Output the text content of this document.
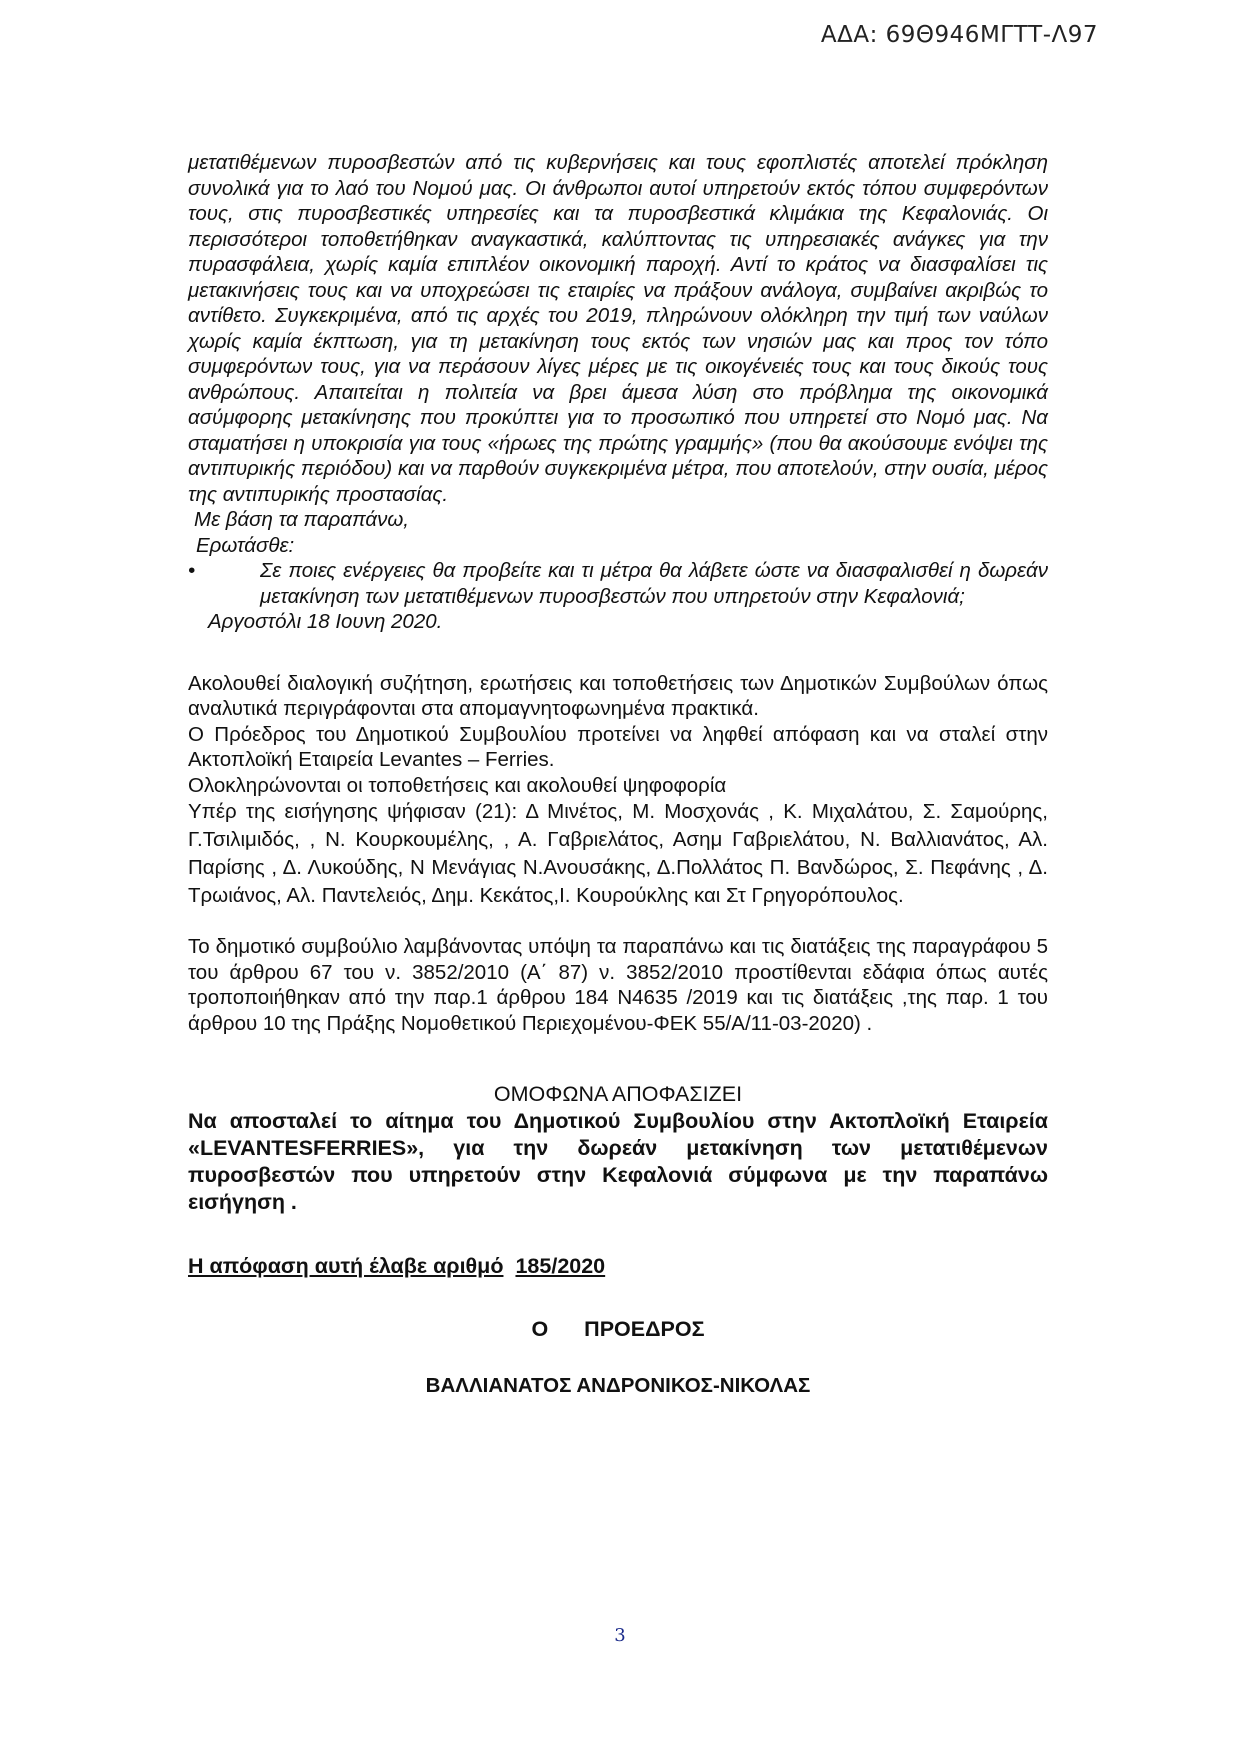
ΑΔΑ: 69Θ946ΜΓΤΤ-Λ97

μετατιθέμενων πυροσβεστών από τις κυβερνήσεις και τους εφοπλιστές αποτελεί πρόκληση συνολικά για το λαό του Νομού μας. Οι άνθρωποι αυτοί υπηρετούν εκτός τόπου συμφερόντων τους, στις πυροσβεστικές υπηρεσίες και τα πυροσβεστικά κλιμάκια της Κεφαλονιάς. Οι περισσότεροι τοποθετήθηκαν αναγκαστικά, καλύπτοντας τις υπηρεσιακές ανάγκες για την πυρασφάλεια, χωρίς καμία επιπλέον οικονομική παροχή. Αντί το κράτος να διασφαλίσει τις μετακινήσεις τους και να υποχρεώσει τις εταιρίες να πράξουν ανάλογα, συμβαίνει ακριβώς το αντίθετο. Συγκεκριμένα, από τις αρχές του 2019, πληρώνουν ολόκληρη την τιμή των ναύλων χωρίς καμία έκπτωση, για τη μετακίνηση τους εκτός των νησιών μας και προς τον τόπο συμφερόντων τους, για να περάσουν λίγες μέρες με τις οικογένειές τους και τους δικούς τους ανθρώπους. Απαιτείται η πολιτεία να βρει άμεσα λύση στο πρόβλημα της οικονομικά ασύμφορης μετακίνησης που προκύπτει για το προσωπικό που υπηρετεί στο Νομό μας. Να σταματήσει η υποκρισία για τους «ήρωες της πρώτης γραμμής» (που θα ακούσουμε ενόψει της αντιπυρικής περιόδου) και να παρθούν συγκεκριμένα μέτρα, που αποτελούν, στην ουσία, μέρος της αντιπυρικής προστασίας.

Με βάση τα παραπάνω,

Ερωτάσθε:

•	Σε ποιες ενέργειες θα προβείτε και τι μέτρα θα λάβετε ώστε να διασφαλισθεί η δωρεάν μετακίνηση των μετατιθέμενων πυροσβεστών που υπηρετούν στην Κεφαλονιά;

Αργοστόλι 18 Ιουνη 2020.

Ακολουθεί διαλογική συζήτηση, ερωτήσεις και τοποθετήσεις των Δημοτικών Συμβούλων όπως αναλυτικά περιγράφονται στα απομαγνητοφωνημένα πρακτικά.

Ο Πρόεδρος του Δημοτικού Συμβουλίου προτείνει να ληφθεί απόφαση και να σταλεί στην Ακτοπλοϊκή Εταιρεία Levantes – Ferries.

Ολοκληρώνονται οι τοποθετήσεις και ακολουθεί ψηφοφορία

Υπέρ της εισήγησης ψήφισαν (21): Δ Μινέτος, Μ. Μοσχονάς , Κ. Μιχαλάτου, Σ. Σαμούρης, Γ.Τσιλιμιδός, , Ν. Κουρκουμέλης, , Α. Γαβριελάτος, Ασημ Γαβριελάτου, Ν. Βαλλιανάτος, Αλ. Παρίσης , Δ. Λυκούδης, Ν Μενάγιας Ν.Ανουσάκης, Δ.Πολλάτος Π. Βανδώρος, Σ. Πεφάνης , Δ. Τρωιάνος, Αλ. Παντελειός, Δημ. Κεκάτος,Ι. Κουρούκλης και Στ Γρηγορόπουλος.

Το δημοτικό συμβούλιο λαμβάνοντας υπόψη τα παραπάνω και τις διατάξεις της παραγράφου 5 του άρθρου 67 του ν. 3852/2010 (Α΄ 87) ν. 3852/2010 προστίθενται εδάφια όπως αυτές τροποποιήθηκαν από την παρ.1 άρθρου 184 Ν4635 /2019 και τις διατάξεις ,της παρ. 1 του άρθρου 10 της Πράξης Νομοθετικού Περιεχομένου-ΦΕΚ 55/Α/11-03-2020) .

ΟΜΟΦΩΝΑ ΑΠΟΦΑΣΙΖΕΙ

Να αποσταλεί το αίτημα του Δημοτικού Συμβουλίου στην Ακτοπλοϊκή Εταιρεία «LEVANTESFERRIES», για την δωρεάν μετακίνηση των μετατιθέμενων πυροσβεστών που υπηρετούν στην Κεφαλονιά σύμφωνα με την παραπάνω εισήγηση .

Η απόφαση αυτή έλαβε αριθμό 185/2020

Ο ΠΡΟΕΔΡΟΣ

ΒΑΛΛΙΑΝΑΤΟΣ ΑΝΔΡΟΝΙΚΟΣ-ΝΙΚΟΛΑΣ

3
